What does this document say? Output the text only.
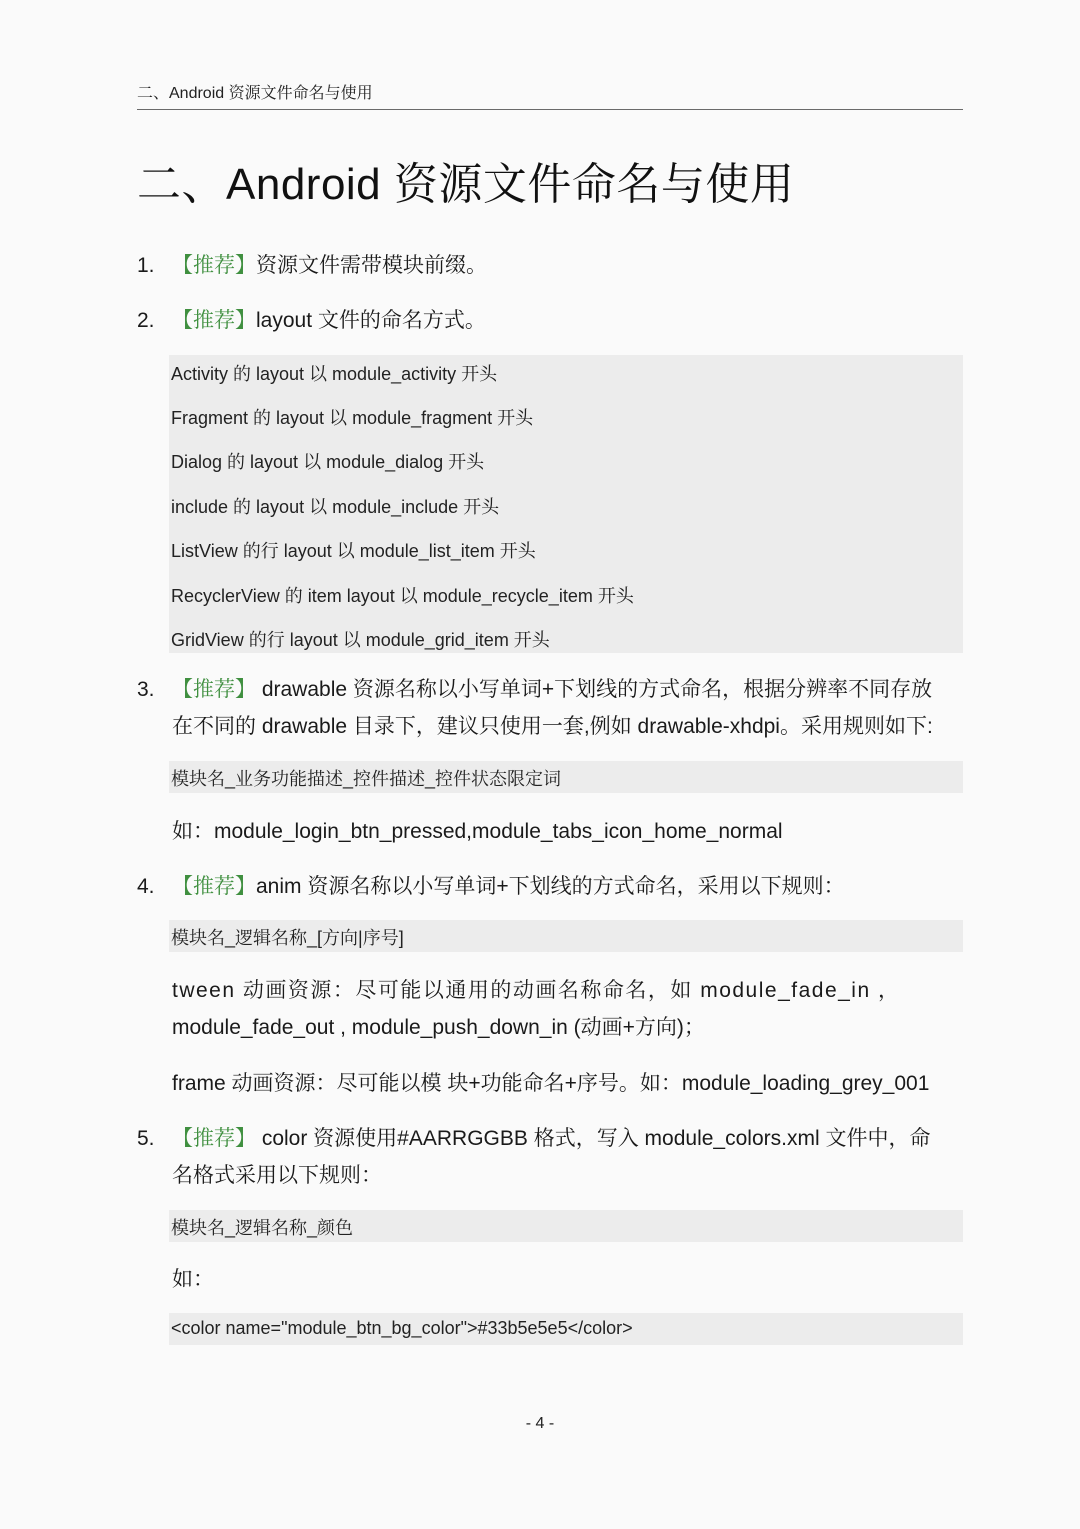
二、Android 资源文件命名与使用
二、Android 资源文件命名与使用
1. 【推荐】资源文件需带模块前缀。
2. 【推荐】layout 文件的命名方式。
Activity 的 layout 以 module_activity 开头
Fragment 的 layout 以 module_fragment 开头
Dialog 的 layout 以 module_dialog 开头
include 的 layout 以 module_include 开头
ListView 的行 layout 以 module_list_item 开头
RecyclerView 的 item layout 以 module_recycle_item 开头
GridView 的行 layout 以 module_grid_item 开头
3. 【推荐】 drawable 资源名称以小写单词+下划线的方式命名，根据分辨率不同存放
在不同的 drawable 目录下，建议只使用一套,例如 drawable-xhdpi。采用规则如下:
模块名_业务功能描述_控件描述_控件状态限定词
如：module_login_btn_pressed,module_tabs_icon_home_normal
4. 【推荐】anim 资源名称以小写单词+下划线的方式命名，采用以下规则：
模块名_逻辑名称_[方向|序号]
tween 动画资源：尽可能以通用的动画名称命名，如 module_fade_in ，
module_fade_out , module_push_down_in (动画+方向)；
frame 动画资源：尽可能以模 块+功能命名+序号。如：module_loading_grey_001
5. 【推荐】 color 资源使用#AARRGGBB 格式，写入 module_colors.xml 文件中，命
名格式采用以下规则：
模块名_逻辑名称_颜色
如：
<color name="module_btn_bg_color">#33b5e5e5</color>
- 4 -
